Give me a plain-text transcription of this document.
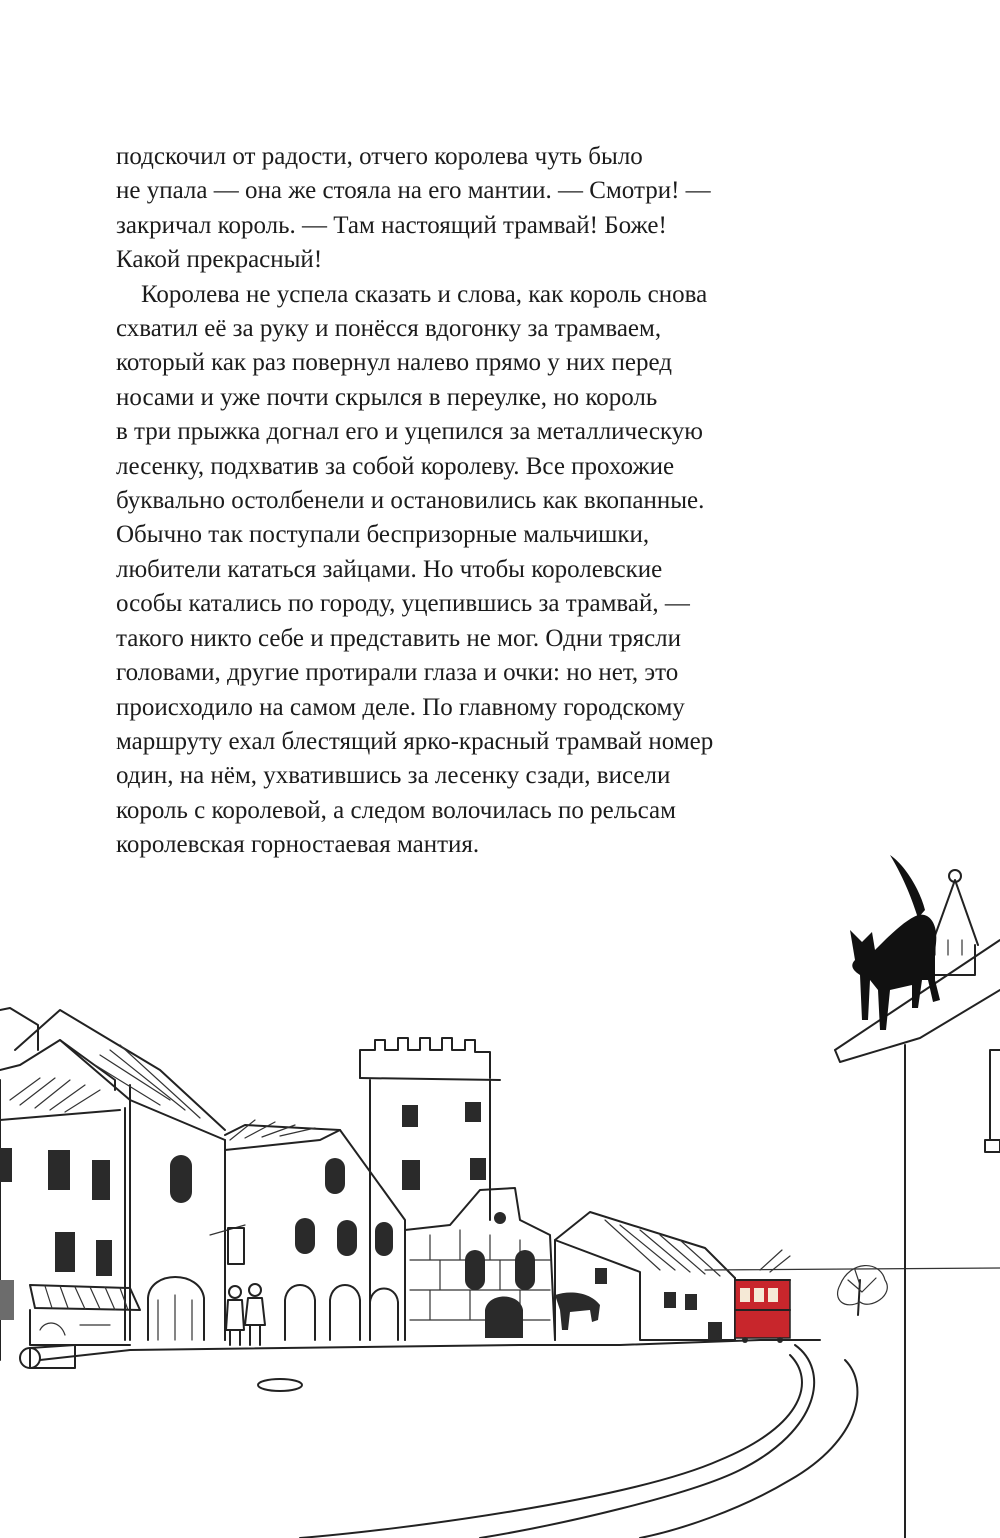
подскочил от радости, отчего королева чуть было

не упала — она же стояла на его мантии. — Смотри! —

закричал король. — Там настоящий трамвай! Боже!

Какой прекрасный!

Королева не успела сказать и слова, как король снова

схватил её за руку и понёсся вдогонку за трамваем,

который как раз повернул налево прямо у них перед

носами и уже почти скрылся в переулке, но король

в три прыжка догнал его и уцепился за металлическую

лесенку, подхватив за собой королеву. Все прохожие

буквально остолбенели и остановились как вкопанные.

Обычно так поступали беспризорные мальчишки,

любители кататься зайцами. Но чтобы королевские

особы катались по городу, уцепившись за трамвай, —

такого никто себе и представить не мог. Одни трясли

головами, другие протирали глаза и очки: но нет, это

происходило на самом деле. По главному городскому

маршруту ехал блестящий ярко-красный трамвай номер

один, на нём, ухватившись за лесенку сзади, висели

король с королевой, а следом волочилась по рельсам

королевская горностаевая мантия.
